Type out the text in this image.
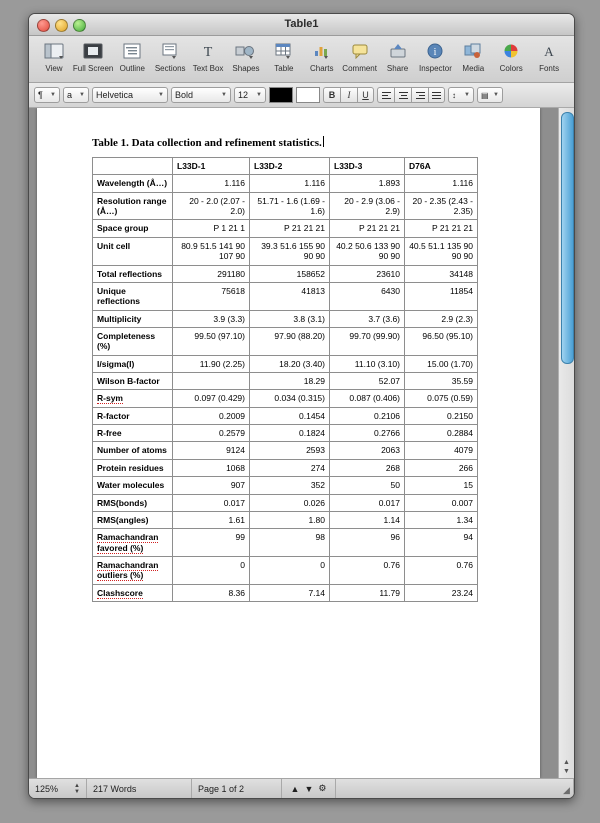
Table1
View Full Screen Outline Sections
T
Text Box Shapes Table Charts Comment Share
i
Inspector Media Colors
A
Fonts
¶ ▼ a ▼ Helvetica	▼ Bold	▼ 12 ▼	B	I	U	↕ ▼ ▤ ▼
Table 1. Data collection and refinement statistics.
	L33D-1	L33D-2	L33D-3	D76A
Wavelength (Å…)	1.116	1.116	1.893	1.116
Resolution range (Å…)	20 - 2.0 (2.07 - 2.0)	51.71 - 1.6 (1.69 - 1.6)	20 - 2.9 (3.06 - 2.9)	20 - 2.35 (2.43 - 2.35)
Space group	P 1 21 1	P 21 21 21	P 21 21 21	P 21 21 21
Unit cell	80.9 51.5 141 90 107 90	39.3 51.6 155 90 90 90	40.2 50.6 133 90 90 90	40.5 51.1 135 90 90 90
Total reflections	291180	158652	23610	34148
Unique reflections	75618	41813	6430	11854
Multiplicity	3.9 (3.3)	3.8 (3.1)	3.7 (3.6)	2.9 (2.3)
Completeness (%)	99.50 (97.10)	97.90 (88.20)	99.70 (99.90)	96.50 (95.10)
I/sigma(I)	11.90 (2.25)	18.20 (3.40)	11.10 (3.10)	15.00 (1.70)
Wilson B-factor		18.29	52.07	35.59
R-sym	0.097 (0.429)	0.034 (0.315)	0.087 (0.406)	0.075 (0.59)
R-factor	0.2009	0.1454	0.2106	0.2150
R-free	0.2579	0.1824	0.2766	0.2884
Number of atoms	9124	2593	2063	4079
Protein residues	1068	274	268	266
Water molecules	907	352	50	15
RMS(bonds)	0.017	0.026	0.017	0.007
RMS(angles)	1.61	1.80	1.14	1.34
Ramachandran favored (%)	99	98	96	94
Ramachandran outliers (%)	0	0	0.76	0.76
Clashscore	8.36	7.14	11.79	23.24
▲
▼
125%	▲
▼	217 Words	Page 1 of 2	▲ ▼ ⚙	◢
